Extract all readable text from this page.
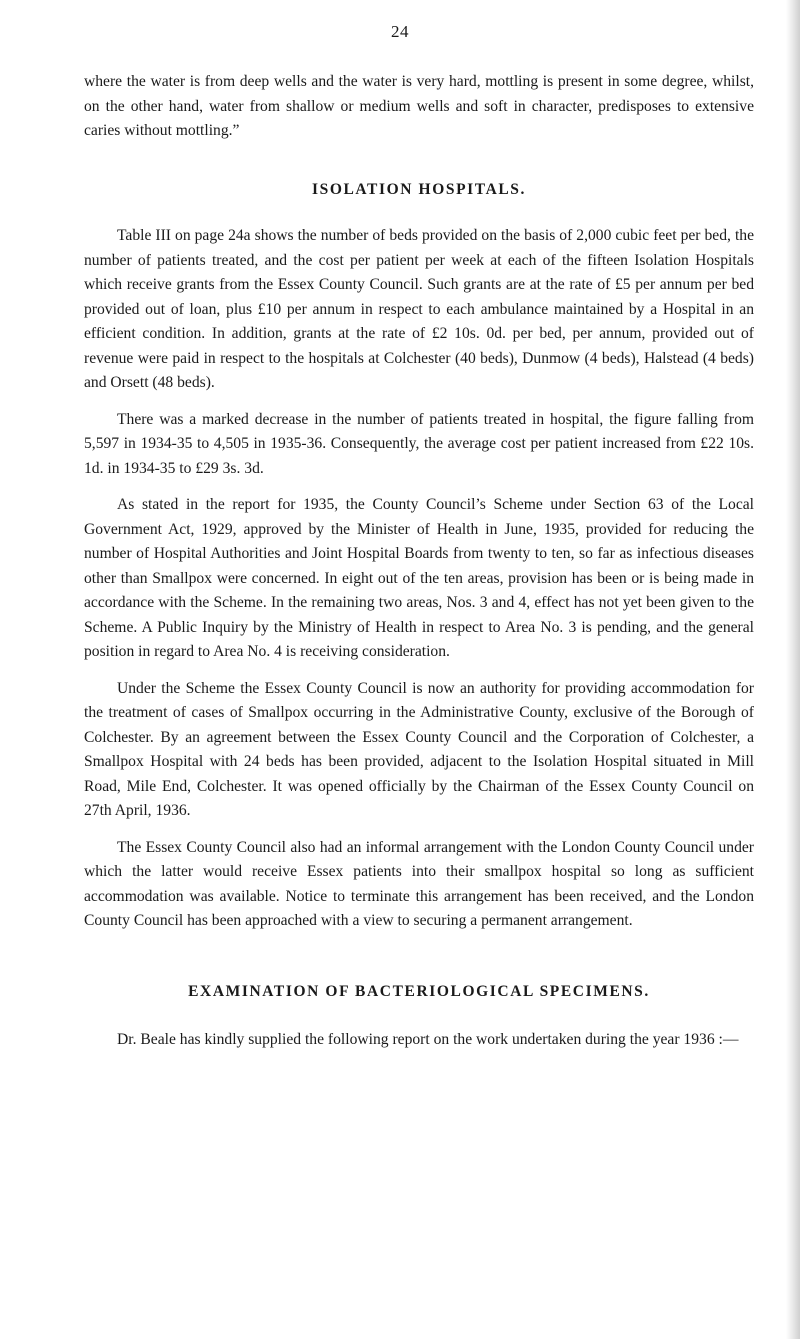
24

where the water is from deep wells and the water is very hard, mottling is present in some degree, whilst, on the other hand, water from shallow or medium wells and soft in character, predisposes to extensive caries without mottling.”

ISOLATION HOSPITALS.

Table III on page 24a shows the number of beds provided on the basis of 2,000 cubic feet per bed, the number of patients treated, and the cost per patient per week at each of the fifteen Isolation Hospitals which receive grants from the Essex County Council. Such grants are at the rate of £5 per annum per bed provided out of loan, plus £10 per annum in respect to each ambulance maintained by a Hospital in an efficient condition. In addition, grants at the rate of £2 10s. 0d. per bed, per annum, provided out of revenue were paid in respect to the hospitals at Colchester (40 beds), Dunmow (4 beds), Halstead (4 beds) and Orsett (48 beds).

There was a marked decrease in the number of patients treated in hospital, the figure falling from 5,597 in 1934-35 to 4,505 in 1935-36. Consequently, the average cost per patient increased from £22 10s. 1d. in 1934-35 to £29 3s. 3d.

As stated in the report for 1935, the County Council’s Scheme under Section 63 of the Local Government Act, 1929, approved by the Minister of Health in June, 1935, provided for reducing the number of Hospital Authorities and Joint Hospital Boards from twenty to ten, so far as infectious diseases other than Smallpox were concerned. In eight out of the ten areas, provision has been or is being made in accordance with the Scheme. In the remaining two areas, Nos. 3 and 4, effect has not yet been given to the Scheme. A Public Inquiry by the Ministry of Health in respect to Area No. 3 is pending, and the general position in regard to Area No. 4 is receiving consideration.

Under the Scheme the Essex County Council is now an authority for providing accommodation for the treatment of cases of Smallpox occurring in the Administrative County, exclusive of the Borough of Colchester. By an agreement between the Essex County Council and the Corporation of Colchester, a Smallpox Hospital with 24 beds has been provided, adjacent to the Isolation Hospital situated in Mill Road, Mile End, Colchester. It was opened officially by the Chairman of the Essex County Council on 27th April, 1936.

The Essex County Council also had an informal arrangement with the London County Council under which the latter would receive Essex patients into their smallpox hospital so long as sufficient accommodation was available. Notice to terminate this arrangement has been received, and the London County Council has been approached with a view to securing a permanent arrangement.

EXAMINATION OF BACTERIOLOGICAL SPECIMENS.

Dr. Beale has kindly supplied the following report on the work undertaken during the year 1936 :—
